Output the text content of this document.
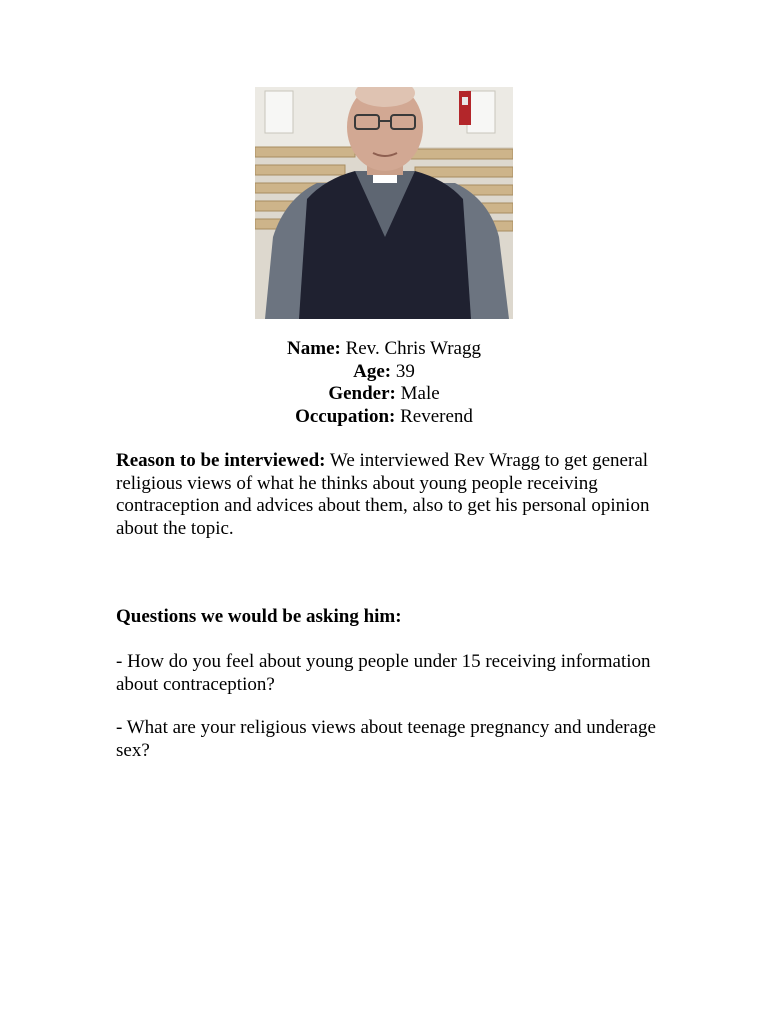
Name: Rev. Chris Wragg
Age: 39
Gender: Male
Occupation: Reverend
Reason to be interviewed: We interviewed Rev Wragg to get general religious views of what he thinks about young people receiving contraception and advices about them, also to get his personal opinion about the topic.
Questions we would be asking him:
- How do you feel about young people under 15 receiving information about contraception?
- What are your religious views about teenage pregnancy and underage sex?
